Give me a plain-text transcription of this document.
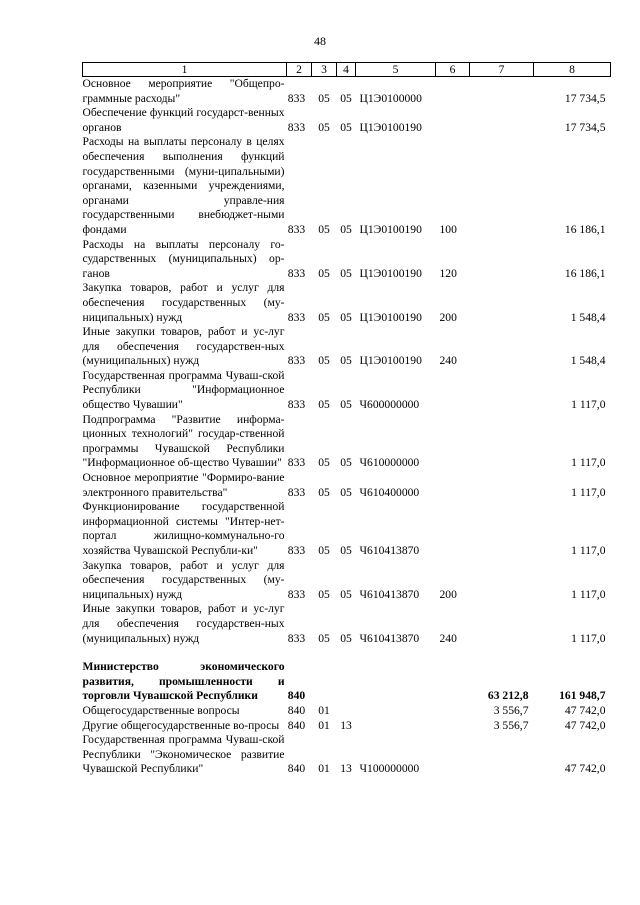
48
1	2	3	4	5	6	7	8
Основное мероприятие "Общепро-граммные расходы"	833	05	05	Ц1Э0100000			17 734,5
Обеспечение функций государст-венных органов	833	05	05	Ц1Э0100190			17 734,5
Расходы на выплаты персоналу в целях обеспечения выполнения функций государственными (муни-ципальными) органами, казенными учреждениями, органами управле-ния государственными внебюджет-ными фондами	833	05	05	Ц1Э0100190	100		16 186,1
Расходы на выплаты персоналу го-сударственных (муниципальных) ор-ганов	833	05	05	Ц1Э0100190	120		16 186,1
Закупка товаров, работ и услуг для обеспечения государственных (му-ниципальных) нужд	833	05	05	Ц1Э0100190	200		1 548,4
Иные закупки товаров, работ и ус-луг для обеспечения государствен-ных (муниципальных) нужд	833	05	05	Ц1Э0100190	240		1 548,4
Государственная программа Чуваш-ской Республики "Информационное общество Чувашии"	833	05	05	Ч600000000			1 117,0
Подпрограмма "Развитие информа-ционных технологий" государ-ственной программы Чувашской Республики "Информационное об-щество Чувашии"	833	05	05	Ч610000000			1 117,0
Основное мероприятие "Формиро-вание электронного правительства"	833	05	05	Ч610400000			1 117,0
Функционирование государственной информационной системы "Интер-нет-портал жилищно-коммунально-го хозяйства Чувашской Республи-ки"	833	05	05	Ч610413870			1 117,0
Закупка товаров, работ и услуг для обеспечения государственных (му-ниципальных) нужд	833	05	05	Ч610413870	200		1 117,0
Иные закупки товаров, работ и ус-луг для обеспечения государствен-ных (муниципальных) нужд	833	05	05	Ч610413870	240		1 117,0
Министерство экономического развития, промышленности и торговли Чувашской Республики	840					63 212,8	161 948,7
Общегосударственные вопросы	840	01				3 556,7	47 742,0
Другие общегосударственные во-просы	840	01	13			3 556,7	47 742,0
Государственная программа Чуваш-ской Республики "Экономическое развитие Чувашской Республики"	840	01	13	Ч100000000			47 742,0
